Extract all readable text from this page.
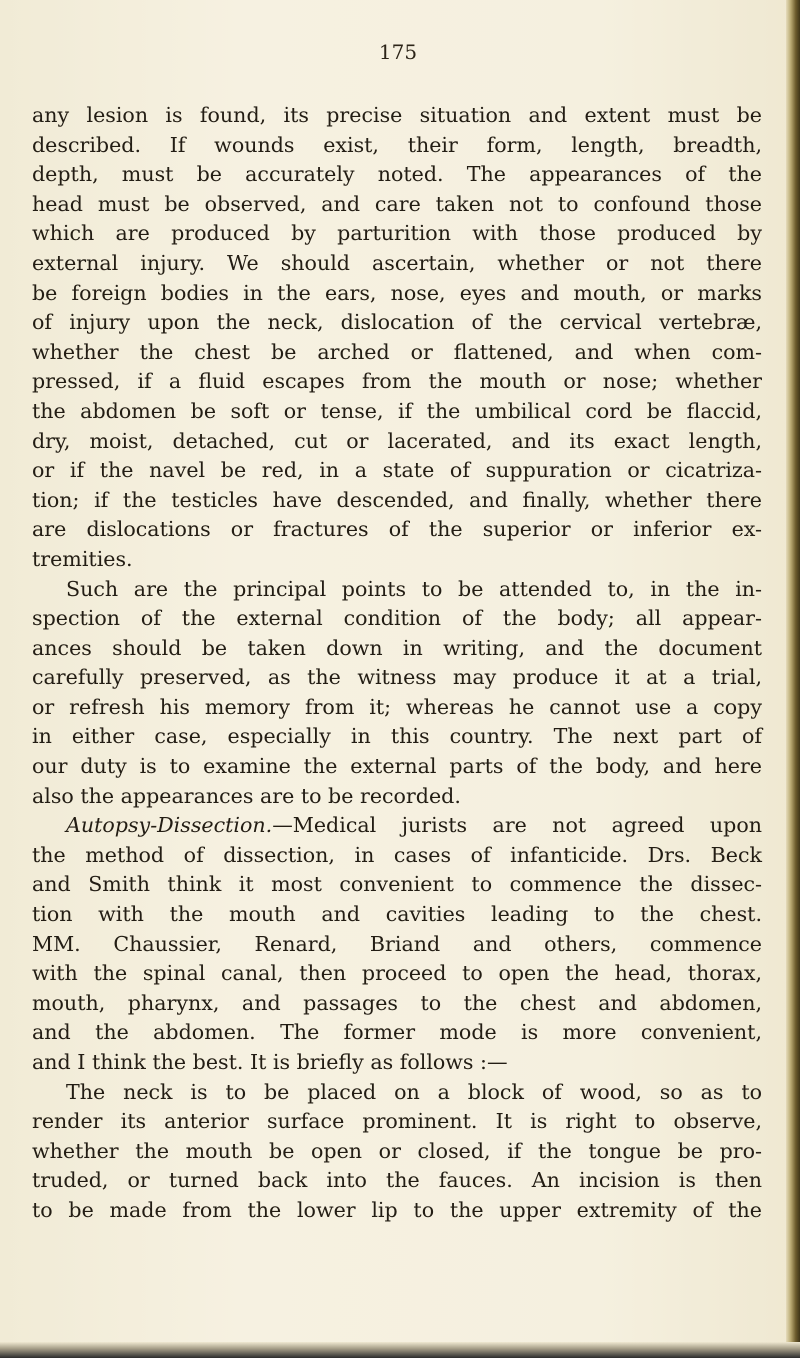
175
any lesion is found, its precise situation and extent must be
described. If wounds exist, their form, length, breadth,
depth, must be accurately noted. The appearances of the
head must be observed, and care taken not to confound those
which are produced by parturition with those produced by
external injury. We should ascertain, whether or not there
be foreign bodies in the ears, nose, eyes and mouth, or marks
of injury upon the neck, dislocation of the cervical vertebræ,
whether the chest be arched or flattened, and when com-
pressed, if a fluid escapes from the mouth or nose; whether
the abdomen be soft or tense, if the umbilical cord be flaccid,
dry, moist, detached, cut or lacerated, and its exact length,
or if the navel be red, in a state of suppuration or cicatriza-
tion; if the testicles have descended, and finally, whether there
are dislocations or fractures of the superior or inferior ex-
tremities.
Such are the principal points to be attended to, in the in-
spection of the external condition of the body; all appear-
ances should be taken down in writing, and the document
carefully preserved, as the witness may produce it at a trial,
or refresh his memory from it; whereas he cannot use a copy
in either case, especially in this country. The next part of
our duty is to examine the external parts of the body, and here
also the appearances are to be recorded.
Autopsy-Dissection.—Medical jurists are not agreed upon
the method of dissection, in cases of infanticide. Drs. Beck
and Smith think it most convenient to commence the dissec-
tion with the mouth and cavities leading to the chest.
MM. Chaussier, Renard, Briand and others, commence
with the spinal canal, then proceed to open the head, thorax,
mouth, pharynx, and passages to the chest and abdomen,
and the abdomen. The former mode is more convenient,
and I think the best. It is briefly as follows :—
The neck is to be placed on a block of wood, so as to
render its anterior surface prominent. It is right to observe,
whether the mouth be open or closed, if the tongue be pro-
truded, or turned back into the fauces. An incision is then
to be made from the lower lip to the upper extremity of the
